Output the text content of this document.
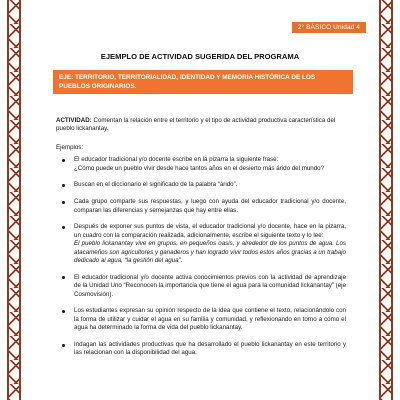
2° BÁSICO Unidad 4
EJEMPLO DE ACTIVIDAD SUGERIDA DEL PROGRAMA
EJE: TERRITORIO, TERRITORIALIDAD, IDENTIDAD Y MEMORIA HISTÓRICA DE LOS PUEBLOS ORIGINARIOS.

ACTIVIDAD: Comentan la relación entre el territorio y el tipo de actividad productiva característica del pueblo lickanantay.

Ejemplos:

El educador tradicional y/o docente escribe en la pizarra la siguiente frase:
¿Cómo puede un pueblo vivir desde hace tantos años en el desierto más árido del mundo?
Buscan en el diccionario el significado de la palabra “árido”.
Cada grupo comparte sus respuestas, y luego con ayuda del educador tradicional y/o docente, comparan las diferencias y semejanzas que hay entre ellas.
Después de exponer sus puntos de vista, el educador tradicional y/o docente, hace en la pizarra, un cuadro con la comparación realizada, adicionalmente, escribe el siguiente texto y lo lee:
El pueblo lickanantay vive en grupos, en pequeños oasis, y alrededor de los puntos de agua. Los atacameños son agricultores y ganaderos y han logrado vivir todos estos años gracias a un trabajo dedicado al agua, “la gestión del agua”.
El educador tradicional y/o docente activa conocimientos previos con la actividad de aprendizaje de la Unidad Uno “Reconocen la importancia que tiene el agua para la comunidad lickanantay” (eje Cosmovisión).
Los estudiantes expresan su opinión respecto de la idea que contiene el texto, relacionándolo con la forma de utilizar y cuidar el agua en su familia y comunidad, y reflexionando en torno a cómo el agua ha determinado la forma de vida del pueblo lickanantay.
Indagan las actividades productivas que ha desarrollado el pueblo lickanantay en este territorio y las relacionan con la disponibilidad del agua.
